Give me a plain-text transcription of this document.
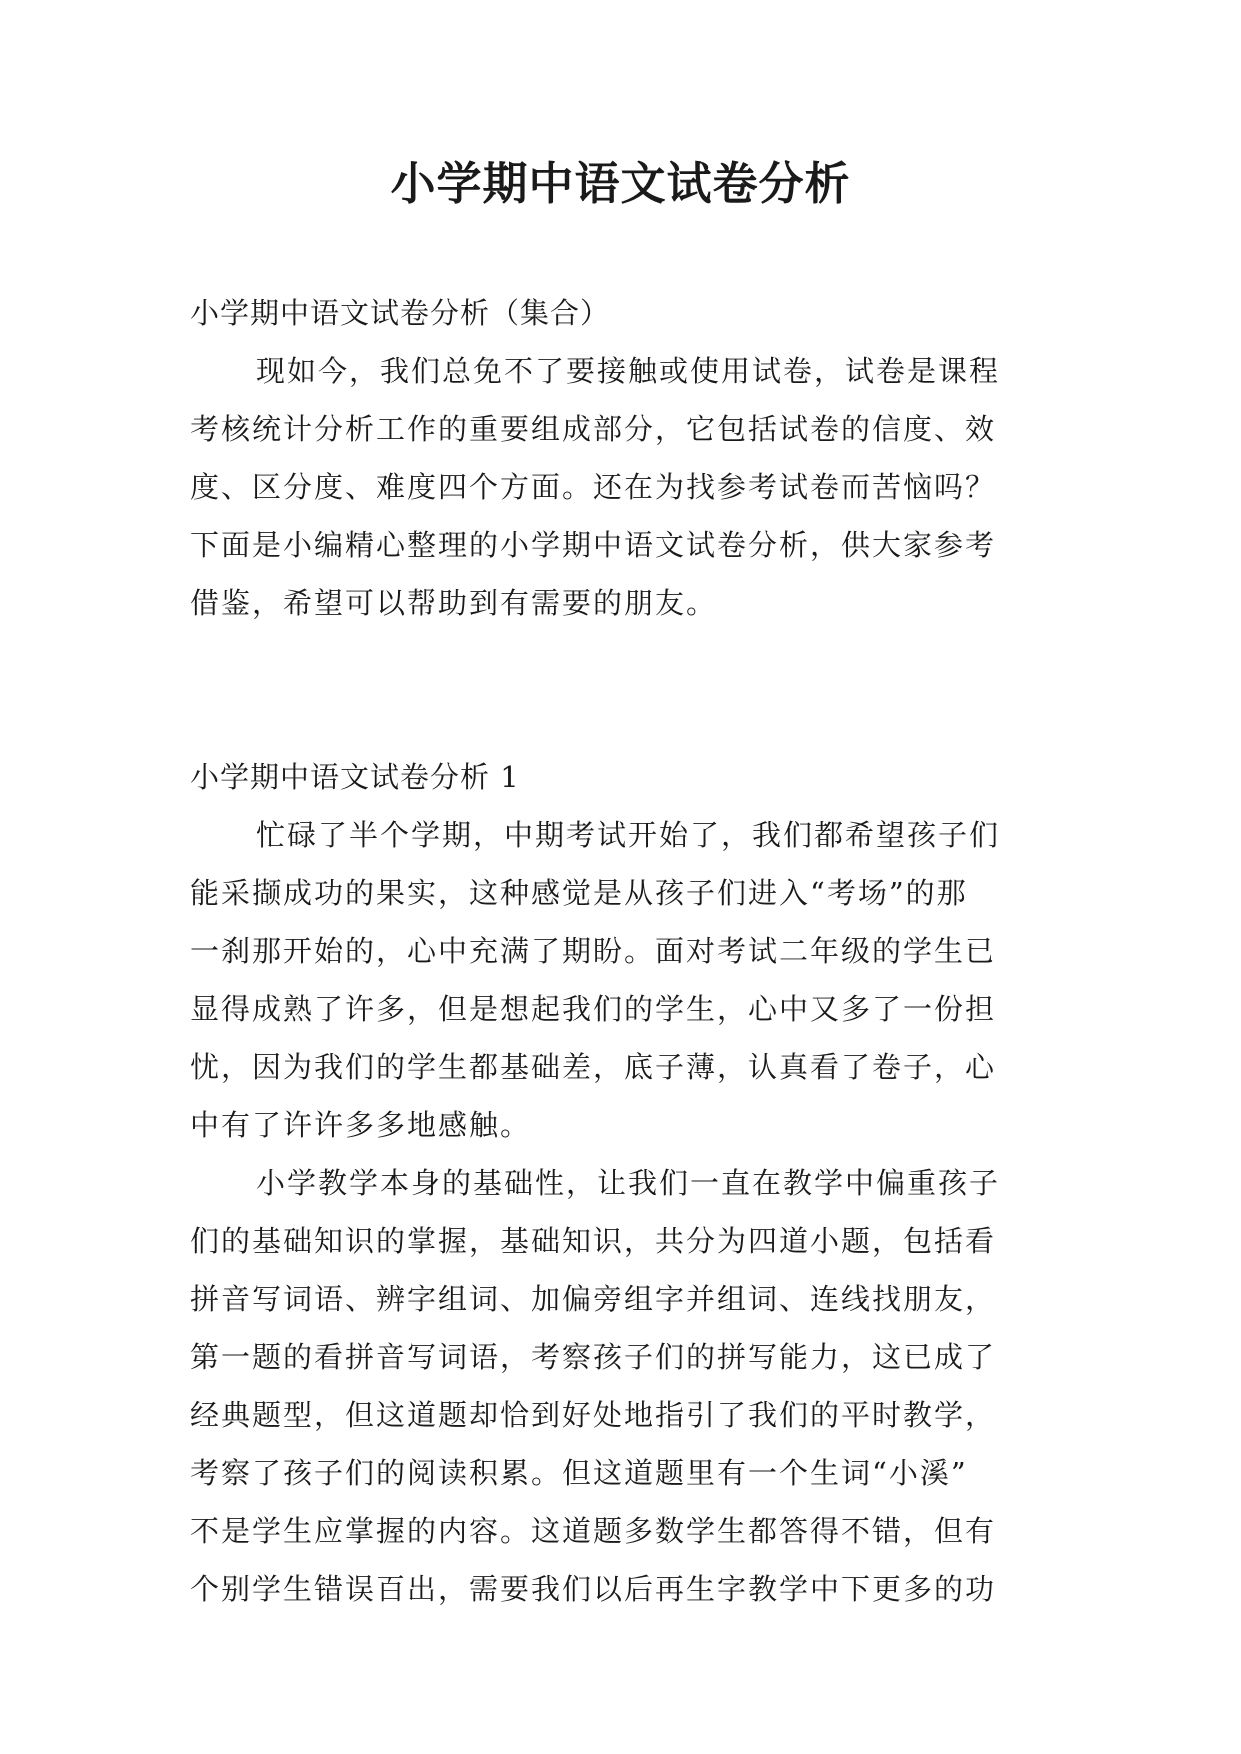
小学期中语文试卷分析
小学期中语文试卷分析（集合）
现如今，我们总免不了要接触或使用试卷，试卷是课程
考核统计分析工作的重要组成部分，它包括试卷的信度、效
度、区分度、难度四个方面。还在为找参考试卷而苦恼吗？
下面是小编精心整理的小学期中语文试卷分析，供大家参考
借鉴，希望可以帮助到有需要的朋友。
小学期中语文试卷分析 1
忙碌了半个学期，中期考试开始了，我们都希望孩子们
能采撷成功的果实，这种感觉是从孩子们进入“考场”的那
一刹那开始的，心中充满了期盼。面对考试二年级的学生已
显得成熟了许多，但是想起我们的学生，心中又多了一份担
忧，因为我们的学生都基础差，底子薄，认真看了卷子，心
中有了许许多多地感触。
小学教学本身的基础性，让我们一直在教学中偏重孩子
们的基础知识的掌握，基础知识，共分为四道小题，包括看
拼音写词语、辨字组词、加偏旁组字并组词、连线找朋友，
第一题的看拼音写词语，考察孩子们的拼写能力，这已成了
经典题型，但这道题却恰到好处地指引了我们的平时教学，
考察了孩子们的阅读积累。但这道题里有一个生词“小溪”
不是学生应掌握的内容。这道题多数学生都答得不错，但有
个别学生错误百出，需要我们以后再生字教学中下更多的功
